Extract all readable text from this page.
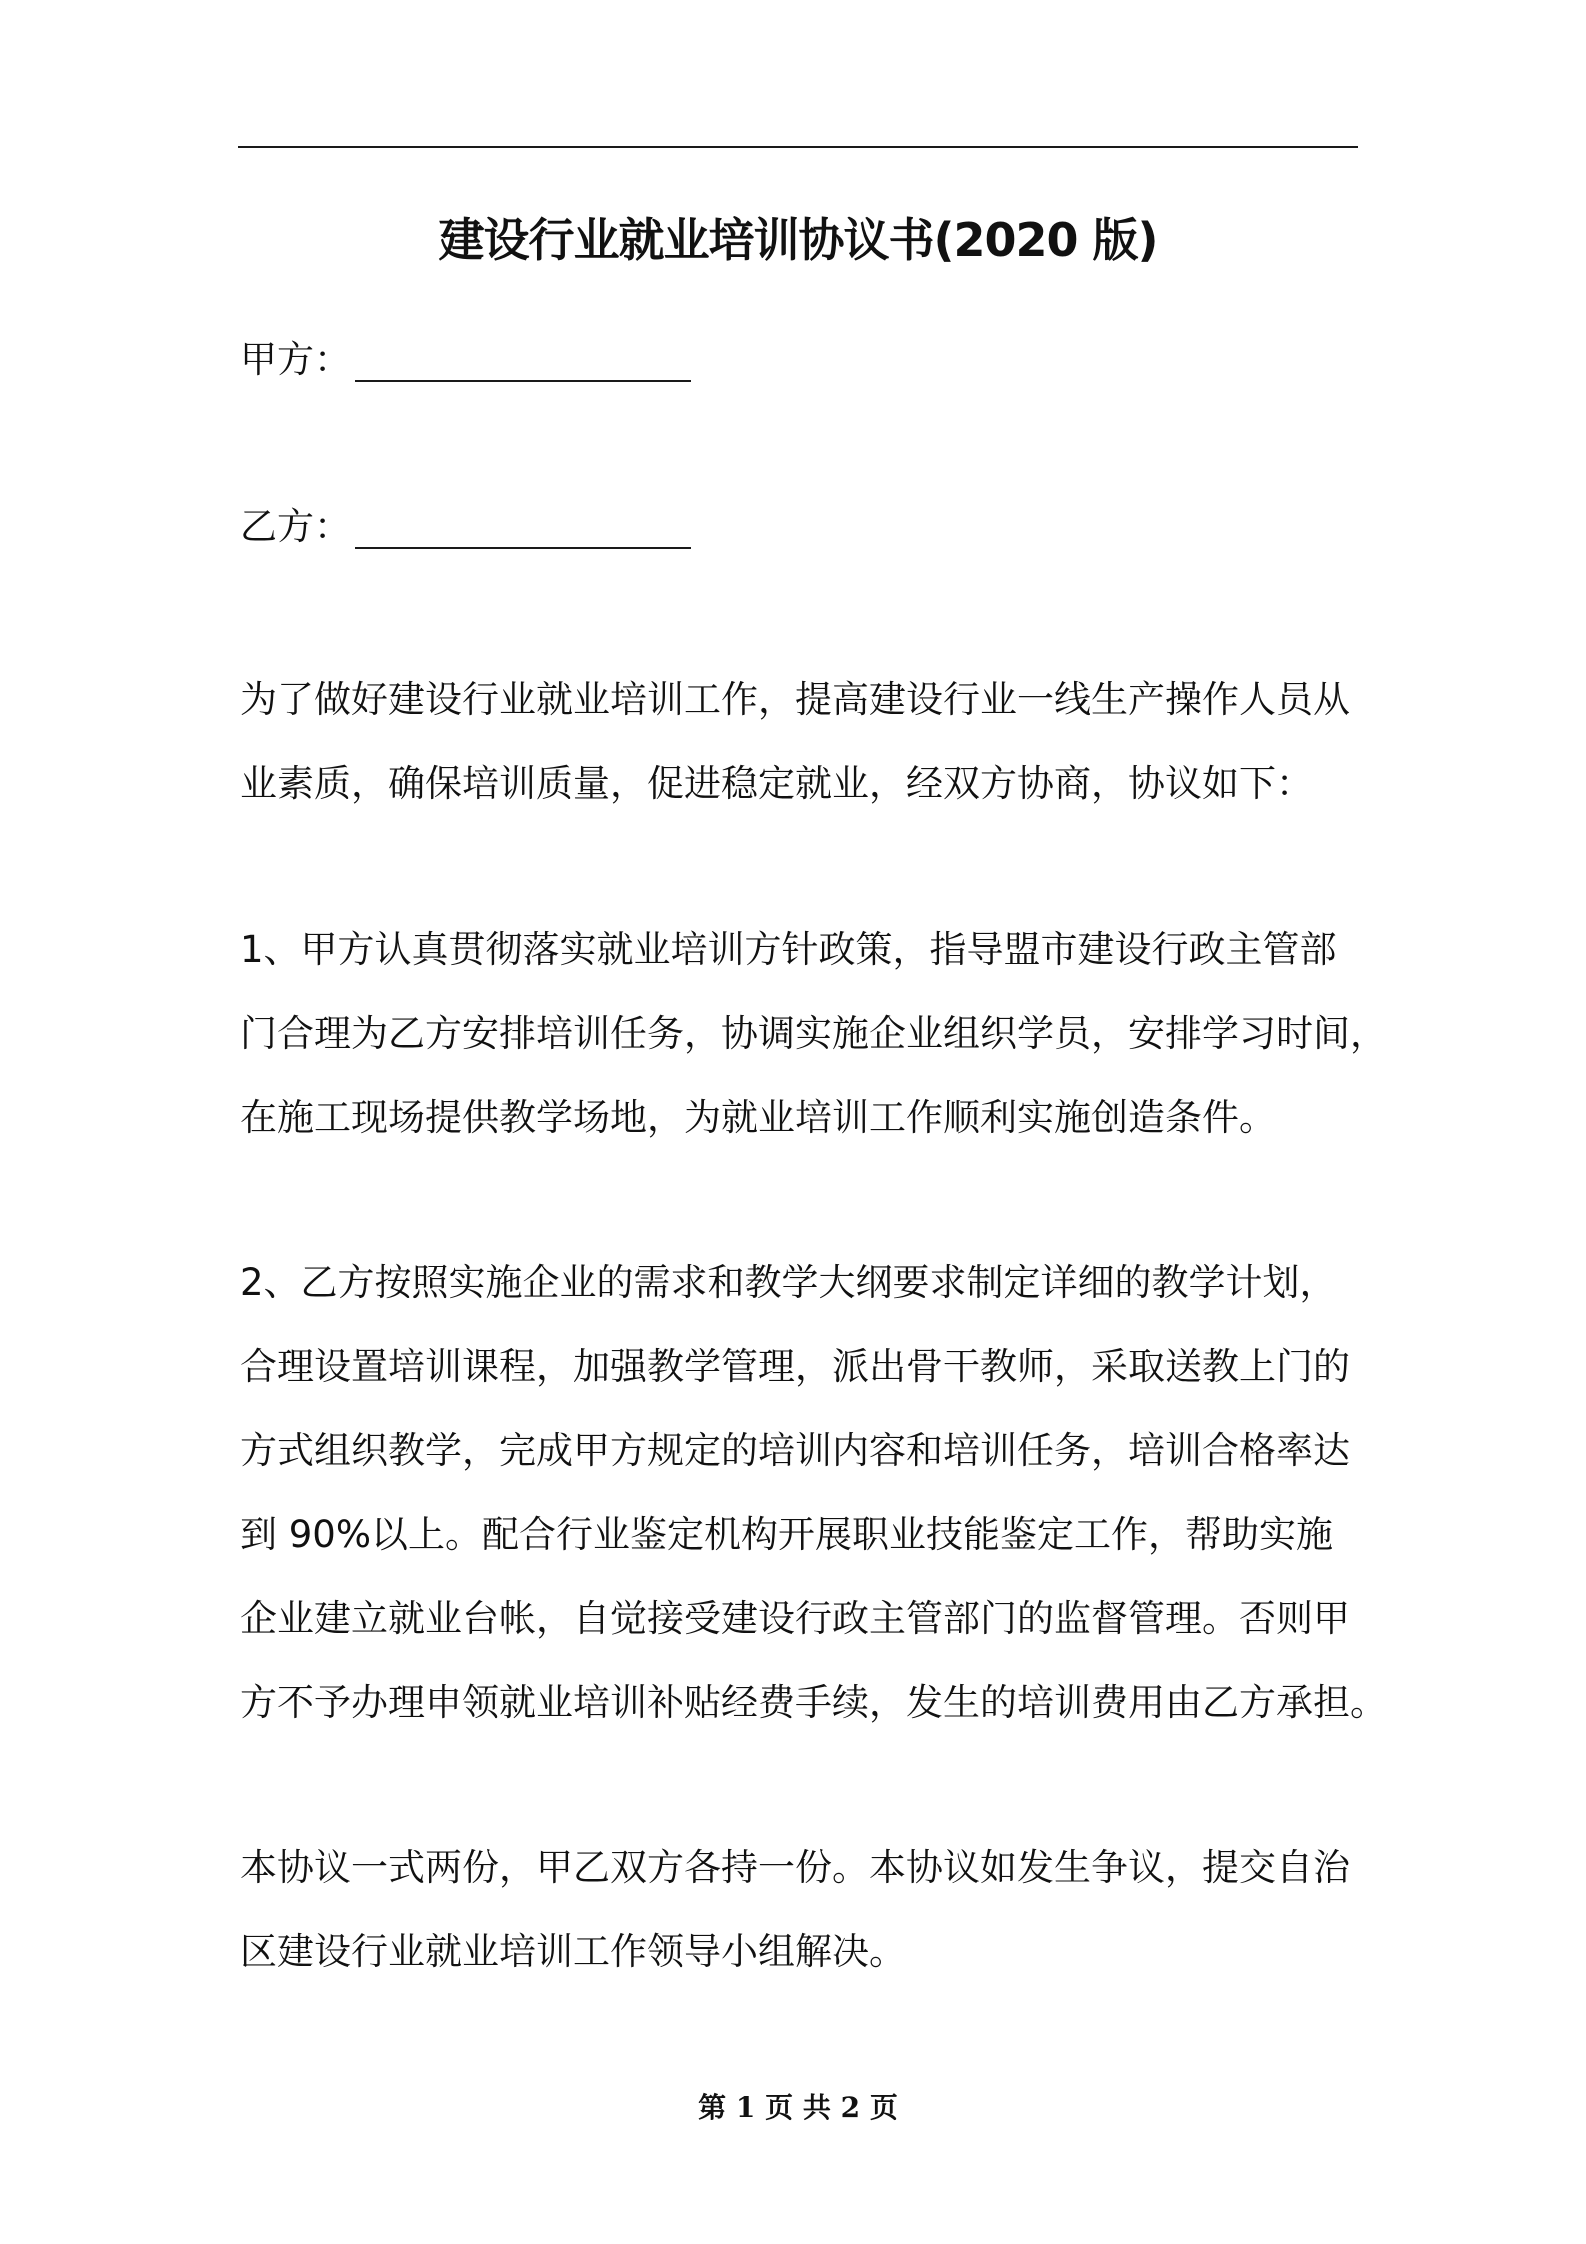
建设行业就业培训协议书(2020 版)
甲方：
乙方：
为了做好建设行业就业培训工作，提高建设行业一线生产操作人员从
业素质，确保培训质量，促进稳定就业，经双方协商，协议如下：
1、甲方认真贯彻落实就业培训方针政策，指导盟市建设行政主管部
门合理为乙方安排培训任务，协调实施企业组织学员，安排学习时间，
在施工现场提供教学场地，为就业培训工作顺利实施创造条件。
2、乙方按照实施企业的需求和教学大纲要求制定详细的教学计划，
合理设置培训课程，加强教学管理，派出骨干教师，采取送教上门的
方式组织教学，完成甲方规定的培训内容和培训任务，培训合格率达
到 90%以上。配合行业鉴定机构开展职业技能鉴定工作，帮助实施
企业建立就业台帐，自觉接受建设行政主管部门的监督管理。否则甲
方不予办理申领就业培训补贴经费手续，发生的培训费用由乙方承担。
本协议一式两份，甲乙双方各持一份。本协议如发生争议，提交自治
区建设行业就业培训工作领导小组解决。
第 1 页 共 2 页
